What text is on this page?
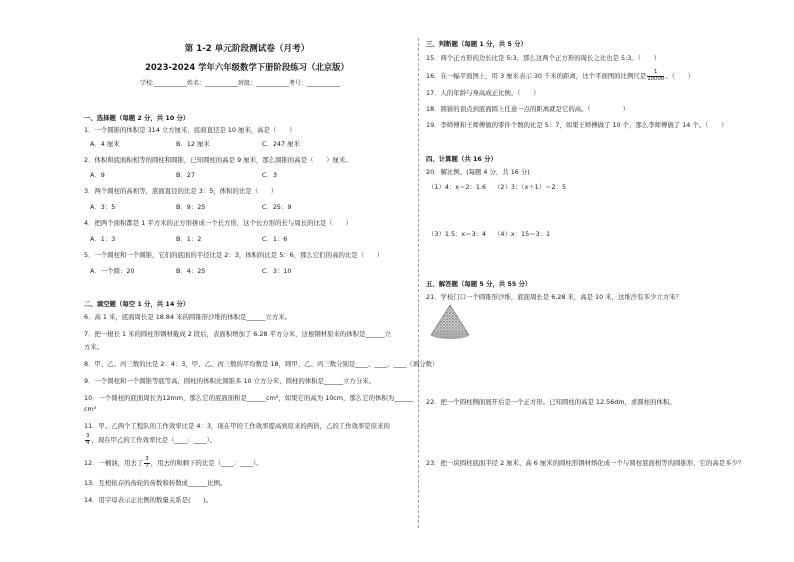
第 1-2 单元阶段测试卷（月考）
2023-2024 学年六年级数学下册阶段练习（北京版）
学校:___________姓名：___________班级：___________考号：___________
一、选择题（每题 2 分，共 10 分）
1．一个圆锥的体积是 314 立方厘米，底面直径是 10 厘米，高是（　　）
A．4 厘米	B．12 厘米	C．247 厘米
2．体积和底面积相等的圆柱和圆锥，已知圆柱的高是 9 厘米，那么圆锥的高是（　　）厘米。
A．9	B．27	C．3
3．两个圆柱的高相等，底面直径的比是 3：5，体积的比是（　　）
A．3：5	B．9：25	C．25：9
4．把两个面积都是 1 平方米的正方形拼成一个长方形，这个长方形的长与周长的比是（　　）
A．1：3	B．1：2	C．1：6
5．一个圆柱和一个圆锥，它们的底面的半径比是 2：3，体积的比是 5：6，那么它们的高的比是（　　）
A．一个圆：20	B．4：25	C．3：10
二、填空题（每空 1 分，共 14 分）
6．高 1 米，底面周长是 18.84 米的圆锥形沙堆的体积是______立方米。
7．把一根长 1 米的圆柱形钢材截成 2 段后，表面积增加了 6.28 平方分米，这根钢材原来的体积是______立
方米。
8．甲、乙、丙三数的比是 2：4：3，甲、乙、丙三数的平均数是 18，则甲、乙、丙三数分别是____、____、____（填分数）
9．一个圆柱和一个圆锥等底等高，圆柱的体积比圆锥多 10 立方分米，圆柱的体积是______立方分米。
10．一个圆柱的底面周长为12mm，那么它的底面面积是______cm²，如果它的高为 10cm，那么它的体积为______
cm³
11．甲、乙两个工程队的工作效率比是 4：3，现在甲的工作效率提高到原来的两倍，乙的工作效率是原来的
$\frac{3}{4}$ ，现在甲乙的工作效率比是（____：____）。
12．一桶油，用去了 $\frac{3}{7}$ ，用去的和剩下的比是（____：____）。
13．互相依存的齿轮的齿数和转数成______比例。
14．用字母表示正比例的数量关系是(　　)。
三、判断题（每题 1 分，共 5 分）
15．两个正方形的边长比是 5:3，那么这两个正方形的周长之比也是 5:3。（　　）
16．在一幅平面图上，用 3 厘米表示 30 千米的距离，这个平面图的比例尺是 $\frac{1}{10000}$ 。（　　）
17．人的年龄与身高成正比例。（　　）
18．圆锥的顶点到底面圆上任意一点的距离就是它的高。（　　　　　）
19．李师傅和王师傅做的零件个数的比是 5：7，如果王师傅做了 10 个，那么李师傅做了 14 个。（　　）
四、计算题（共 16 分）
20．解比例。(每题 4 分，共 16 分)
（1）4：x＝2：1.6 （2）3：（x＋1）＝2：5
（3）1.5：x＝3：4 （4）x：15＝3：1
五、解答题（每题 5 分，共 55 分）
21．学校门口一个圆锥形沙堆，底面周长是 6.28 米，高是 10 米，这堆沙有多少立方米？
22．把一个圆柱侧面展开后是一个正方形。已知圆柱的高是 12.56dm，求圆柱的体积。
23．把一块圆柱底面半径 2 厘米、高 6 厘米的圆柱形钢材熔化成一个与圆柱底面相等的圆锥形，它的高是多少？
